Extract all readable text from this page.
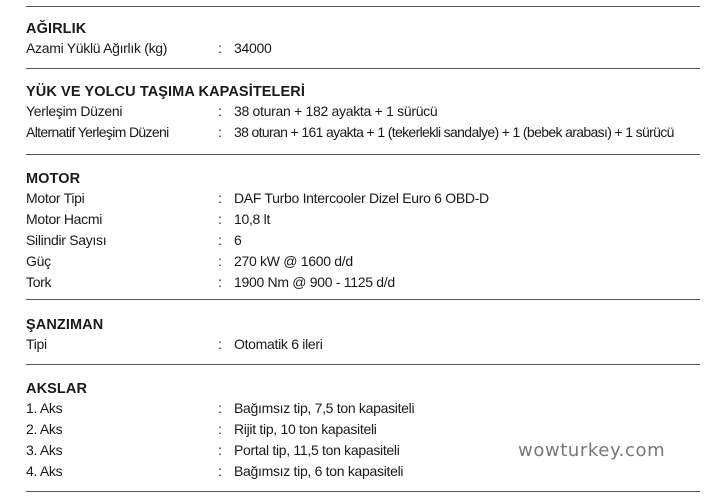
AĞIRLIK
Azami Yüklü Ağırlık (kg)	: 34000
YÜK VE YOLCU TAŞIMA KAPASİTELERİ
Yerleşim Düzeni	: 38 oturan + 182 ayakta + 1 sürücü
Alternatif Yerleşim Düzeni	: 38 oturan + 161 ayakta + 1 (tekerlekli sandalye) + 1 (bebek arabası) + 1 sürücü
MOTOR
Motor Tipi	: DAF Turbo Intercooler Dizel Euro 6 OBD-D
Motor Hacmi	: 10,8 lt
Silindir Sayısı	: 6
Güç	: 270 kW @ 1600 d/d
Tork	: 1900 Nm @ 900 - 1125 d/d
ŞANZIMAN
Tipi	: Otomatik 6 ileri
AKSLAR
1. Aks	: Bağımsız tip, 7,5 ton kapasiteli
2. Aks	: Rijit tip, 10 ton kapasiteli
3. Aks	: Portal tip, 11,5 ton kapasiteli
4. Aks	: Bağımsız tip, 6 ton kapasiteli
wowturkey.com
